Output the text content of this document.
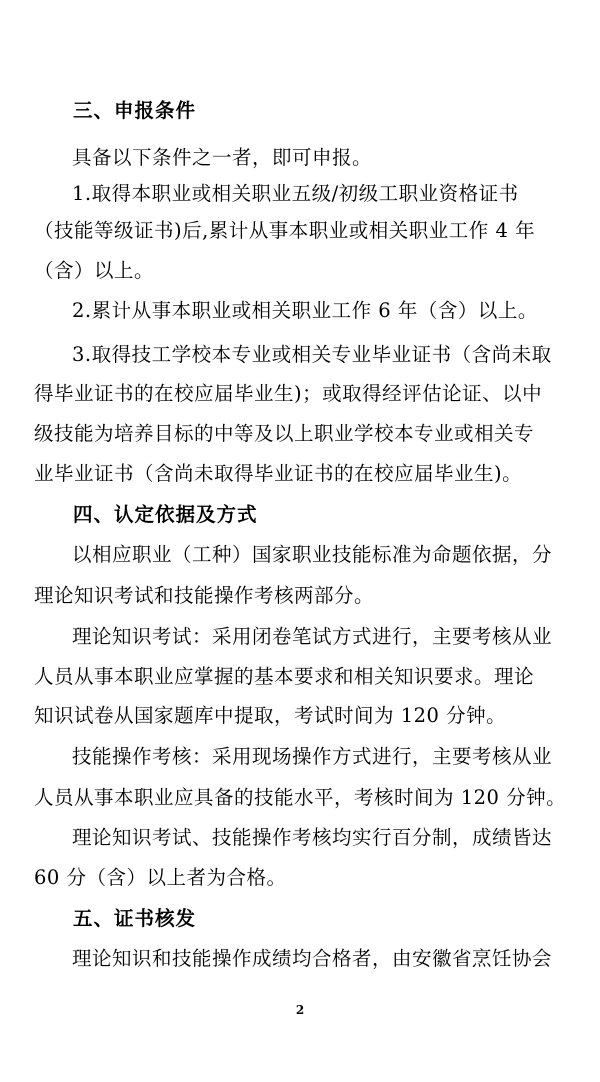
三、申报条件
具备以下条件之一者，即可申报。
1.取得本职业或相关职业五级/初级工职业资格证书
（技能等级证书)后,累计从事本职业或相关职业工作 4 年
（含）以上。
2.累计从事本职业或相关职业工作 6 年（含）以上。
3.取得技工学校本专业或相关专业毕业证书（含尚未取
得毕业证书的在校应届毕业生)；或取得经评估论证、以中
级技能为培养目标的中等及以上职业学校本专业或相关专
业毕业证书（含尚未取得毕业证书的在校应届毕业生)。
四、认定依据及方式
以相应职业（工种）国家职业技能标准为命题依据，分
理论知识考试和技能操作考核两部分。
理论知识考试：采用闭卷笔试方式进行，主要考核从业
人员从事本职业应掌握的基本要求和相关知识要求。理论
知识试卷从国家题库中提取，考试时间为 120 分钟。
技能操作考核：采用现场操作方式进行，主要考核从业
人员从事本职业应具备的技能水平，考核时间为 120 分钟。
理论知识考试、技能操作考核均实行百分制，成绩皆达
60 分（含）以上者为合格。
五、证书核发
理论知识和技能操作成绩均合格者，由安徽省烹饪协会
2
